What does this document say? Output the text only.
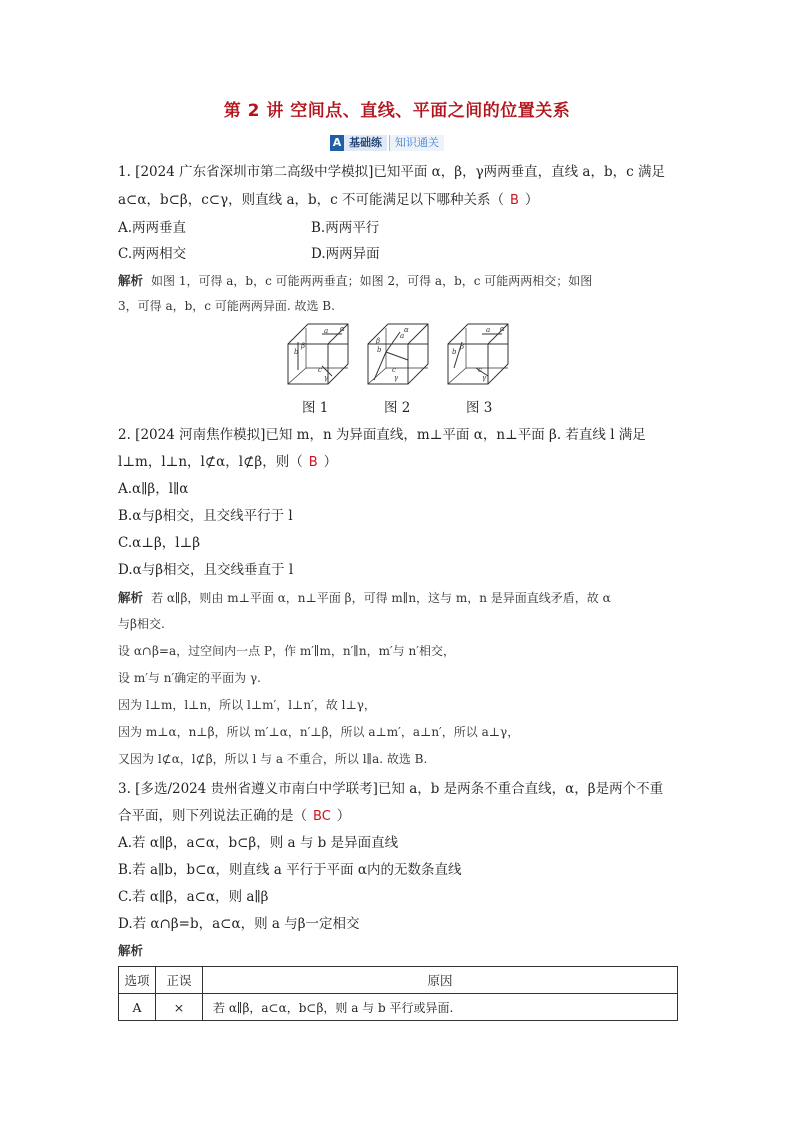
第 2 讲 空间点、直线、平面之间的位置关系
A 基础练	知识通关
1. [2024 广东省深圳市第二高级中学模拟]已知平面 α，β，γ两两垂直，直线 a，b，c 满足
a⊂α，b⊂β，c⊂γ，则直线 a，b，c 不可能满足以下哪种关系（ B ）
A.两两垂直	B.两两平行
C.两两相交	D.两两异面
解析 如图 1，可得 a，b，c 可能两两垂直；如图 2，可得 a，b，c 可能两两相交；如图
3，可得 a，b，c 可能两两异面. 故选 B.
a α
b
β
c
γ
a
α
b
β
c
γ
a α
b
β
c
γ
图 1	图 2	图 3
2. [2024 河南焦作模拟]已知 m，n 为异面直线，m⊥平面 α，n⊥平面 β. 若直线 l 满足
l⊥m，l⊥n，l⊄α，l⊄β，则（ B ）
A.α∥β，l∥α
B.α与β相交，且交线平行于 l
C.α⊥β，l⊥β
D.α与β相交，且交线垂直于 l
解析 若 α∥β，则由 m⊥平面 α，n⊥平面 β，可得 m∥n，这与 m，n 是异面直线矛盾，故 α
与β相交.
设 α∩β=a，过空间内一点 P，作 m′∥m，n′∥n，m′与 n′相交，
设 m′与 n′确定的平面为 γ.
因为 l⊥m，l⊥n，所以 l⊥m′，l⊥n′，故 l⊥γ，
因为 m⊥α，n⊥β，所以 m′⊥α，n′⊥β，所以 a⊥m′，a⊥n′，所以 a⊥γ，
又因为 l⊄α，l⊄β，所以 l 与 a 不重合，所以 l∥a. 故选 B.
3. [多选/2024 贵州省遵义市南白中学联考]已知 a，b 是两条不重合直线，α，β是两个不重
合平面，则下列说法正确的是（ BC ）
A.若 α∥β，a⊂α，b⊂β，则 a 与 b 是异面直线
B.若 a∥b，b⊂α，则直线 a 平行于平面 α内的无数条直线
C.若 α∥β，a⊂α，则 a∥β
D.若 α∩β=b，a⊂α，则 a 与β一定相交
解析
选项	正误	原因
A	×	若 α∥β，a⊂α，b⊂β，则 a 与 b 平行或异面.
